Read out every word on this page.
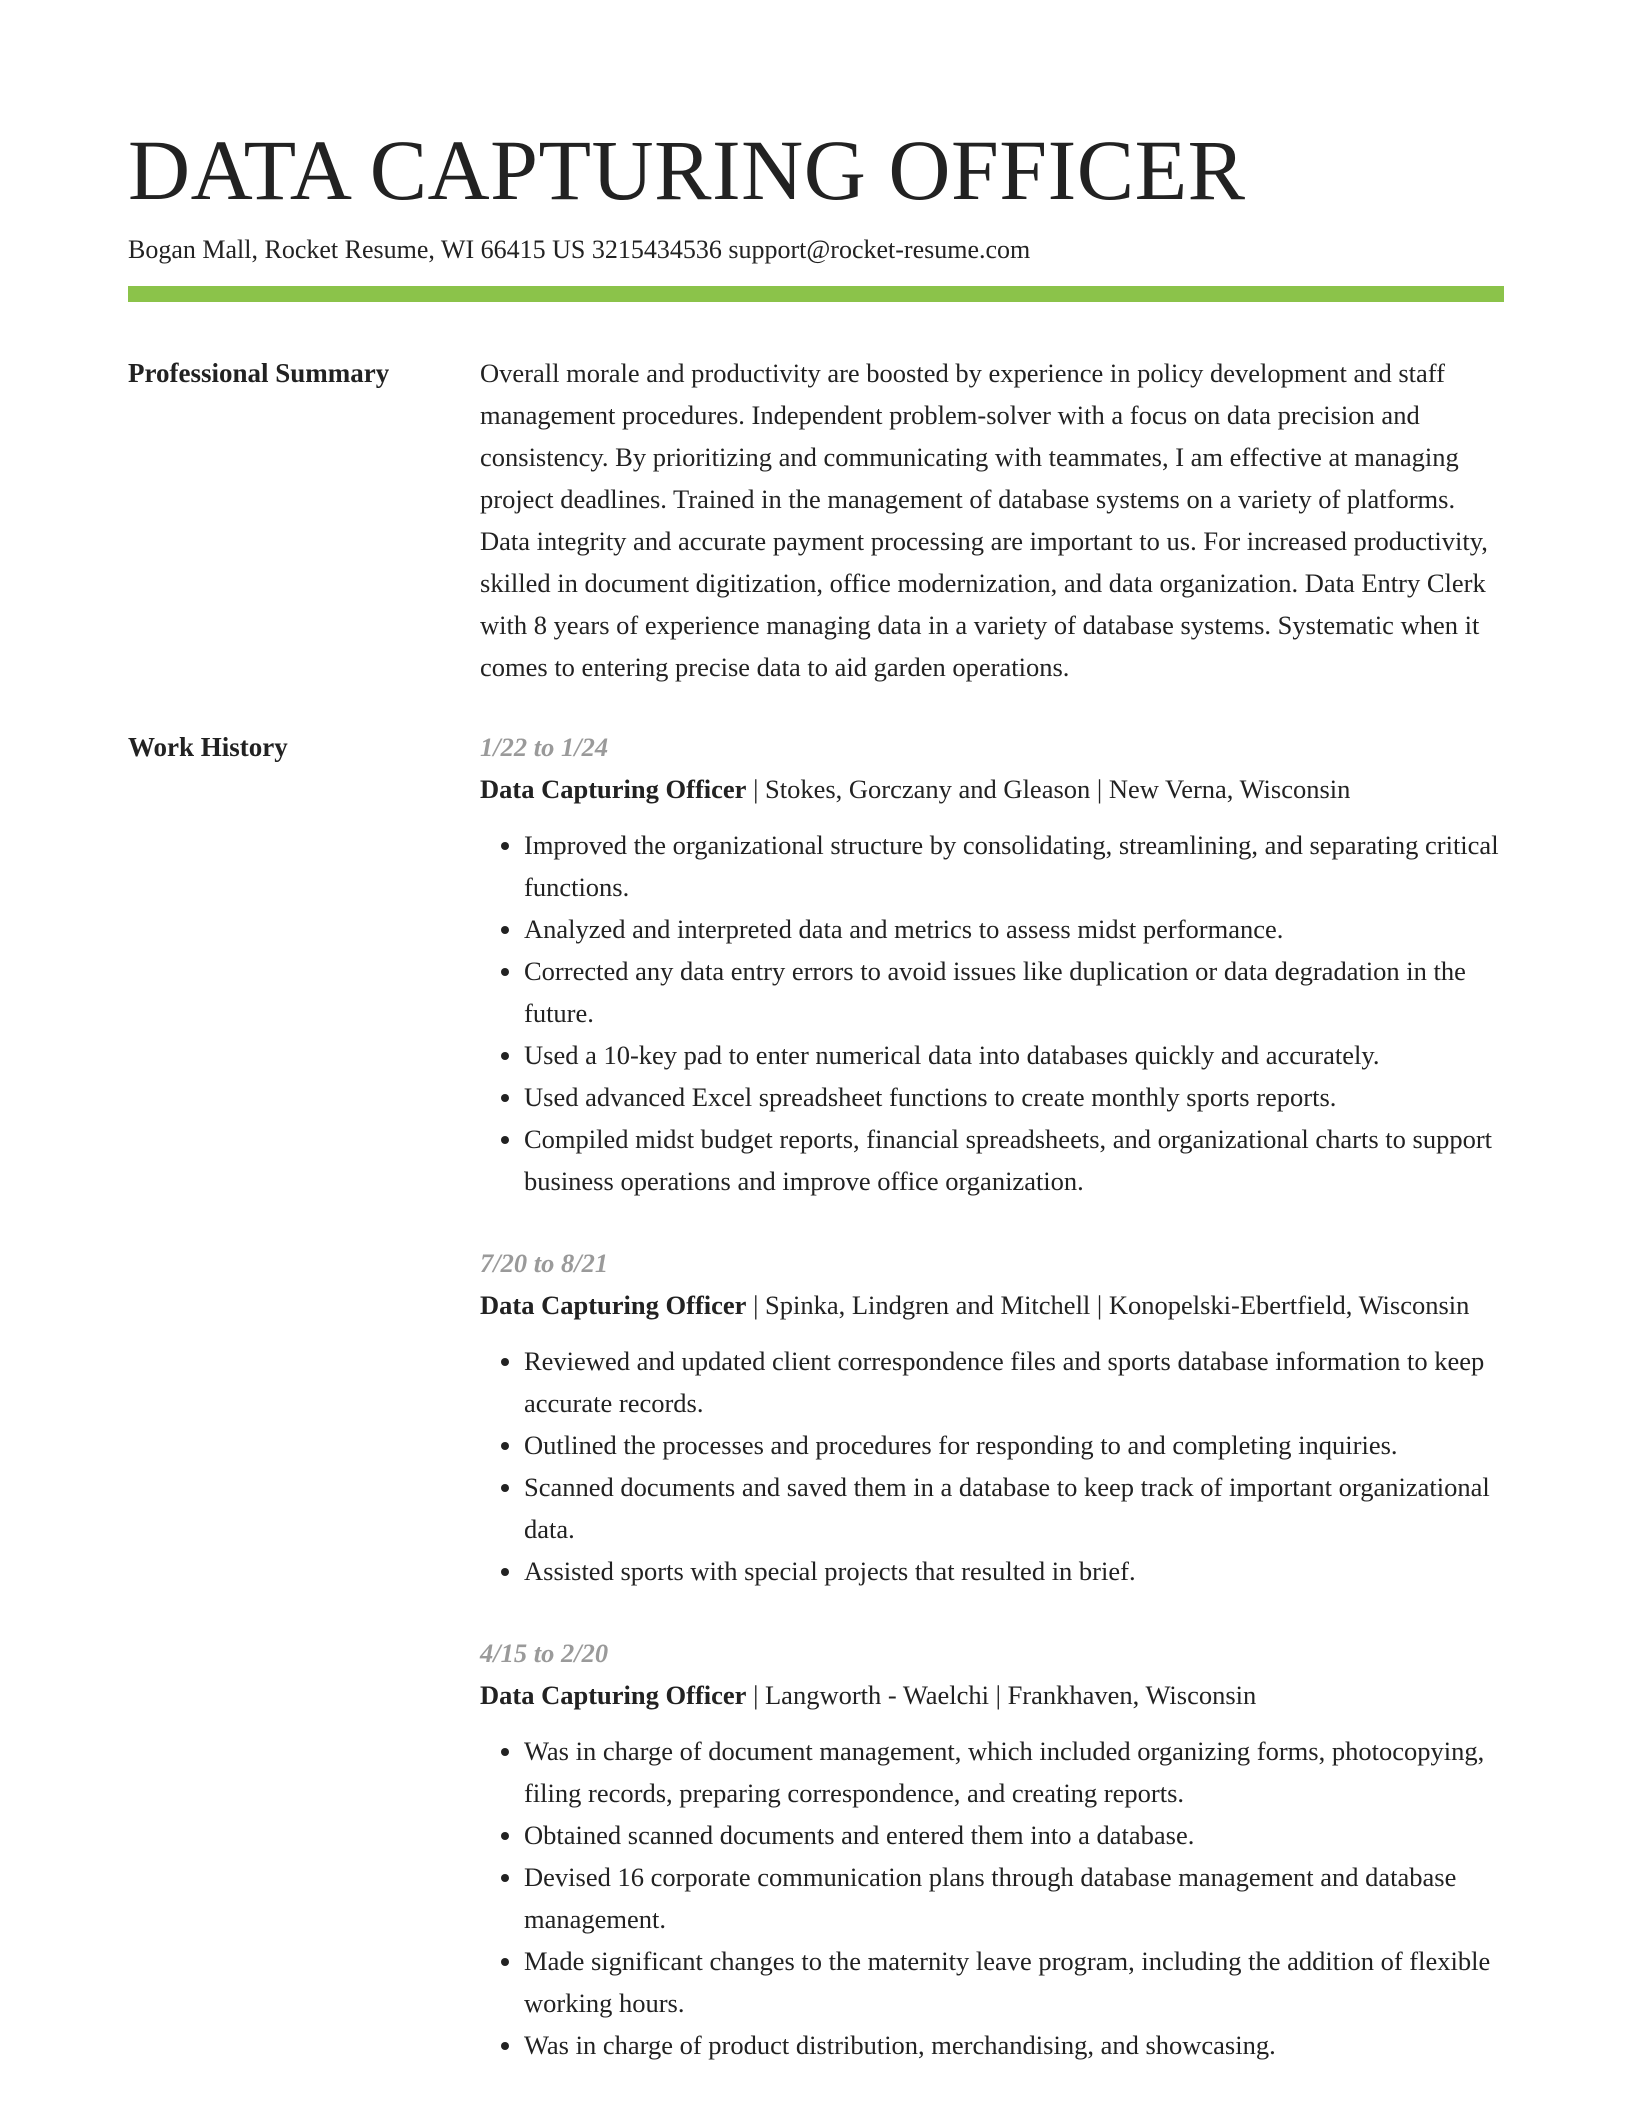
DATA CAPTURING OFFICER
Bogan Mall, Rocket Resume, WI 66415 US 3215434536 support@rocket-resume.com
Professional Summary	Overall morale and productivity are boosted by experience in policy development and staff management procedures. Independent problem-solver with a focus on data precision and consistency. By prioritizing and communicating with teammates, I am effective at managing project deadlines. Trained in the management of database systems on a variety of platforms. Data integrity and accurate payment processing are important to us. For increased productivity, skilled in document digitization, office modernization, and data organization. Data Entry Clerk with 8 years of experience managing data in a variety of database systems. Systematic when it comes to entering precise data to aid garden operations.

Work History	1/22 to 1/24
Data Capturing Officer | Stokes, Gorczany and Gleason | New Verna, Wisconsin
• Improved the organizational structure by consolidating, streamlining, and separating critical functions.
• Analyzed and interpreted data and metrics to assess midst performance.
• Corrected any data entry errors to avoid issues like duplication or data degradation in the future.
• Used a 10-key pad to enter numerical data into databases quickly and accurately.
• Used advanced Excel spreadsheet functions to create monthly sports reports.
• Compiled midst budget reports, financial spreadsheets, and organizational charts to support business operations and improve office organization.
7/20 to 8/21
Data Capturing Officer | Spinka, Lindgren and Mitchell | Konopelski-Ebertfield, Wisconsin
• Reviewed and updated client correspondence files and sports database information to keep accurate records.
• Outlined the processes and procedures for responding to and completing inquiries.
• Scanned documents and saved them in a database to keep track of important organizational data.
• Assisted sports with special projects that resulted in brief.
4/15 to 2/20
Data Capturing Officer | Langworth - Waelchi | Frankhaven, Wisconsin
• Was in charge of document management, which included organizing forms, photocopying, filing records, preparing correspondence, and creating reports.
• Obtained scanned documents and entered them into a database.
• Devised 16 corporate communication plans through database management and database management.
• Made significant changes to the maternity leave program, including the addition of flexible working hours.
• Was in charge of product distribution, merchandising, and showcasing.
